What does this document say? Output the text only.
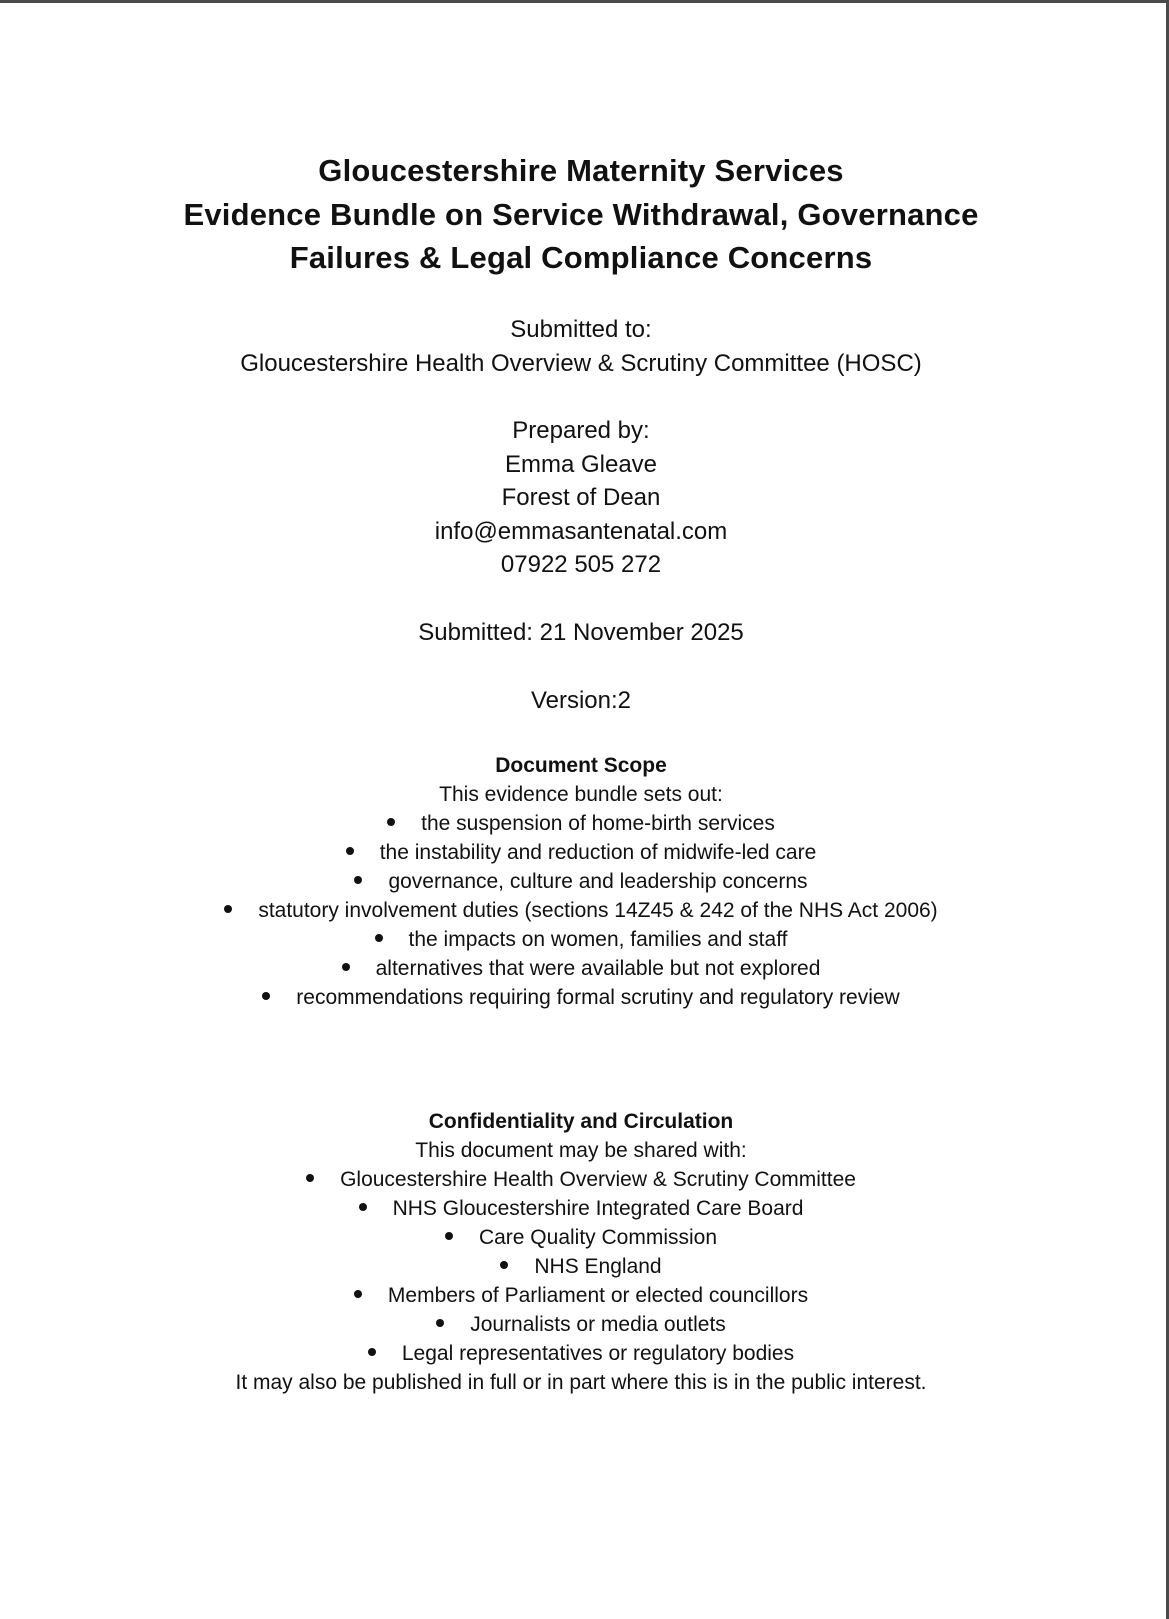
Gloucestershire Maternity Services
Evidence Bundle on Service Withdrawal, Governance
Failures & Legal Compliance Concerns
Submitted to:
Gloucestershire Health Overview & Scrutiny Committee (HOSC)
Prepared by:
Emma Gleave
Forest of Dean
info@emmasantenatal.com
07922 505 272
Submitted: 21 November 2025
Version:2
Document Scope
This evidence bundle sets out:
the suspension of home-birth services
the instability and reduction of midwife-led care
governance, culture and leadership concerns
statutory involvement duties (sections 14Z45 & 242 of the NHS Act 2006)
the impacts on women, families and staff
alternatives that were available but not explored
recommendations requiring formal scrutiny and regulatory review
Confidentiality and Circulation
This document may be shared with:
Gloucestershire Health Overview & Scrutiny Committee
NHS Gloucestershire Integrated Care Board
Care Quality Commission
NHS England
Members of Parliament or elected councillors
Journalists or media outlets
Legal representatives or regulatory bodies
It may also be published in full or in part where this is in the public interest.
